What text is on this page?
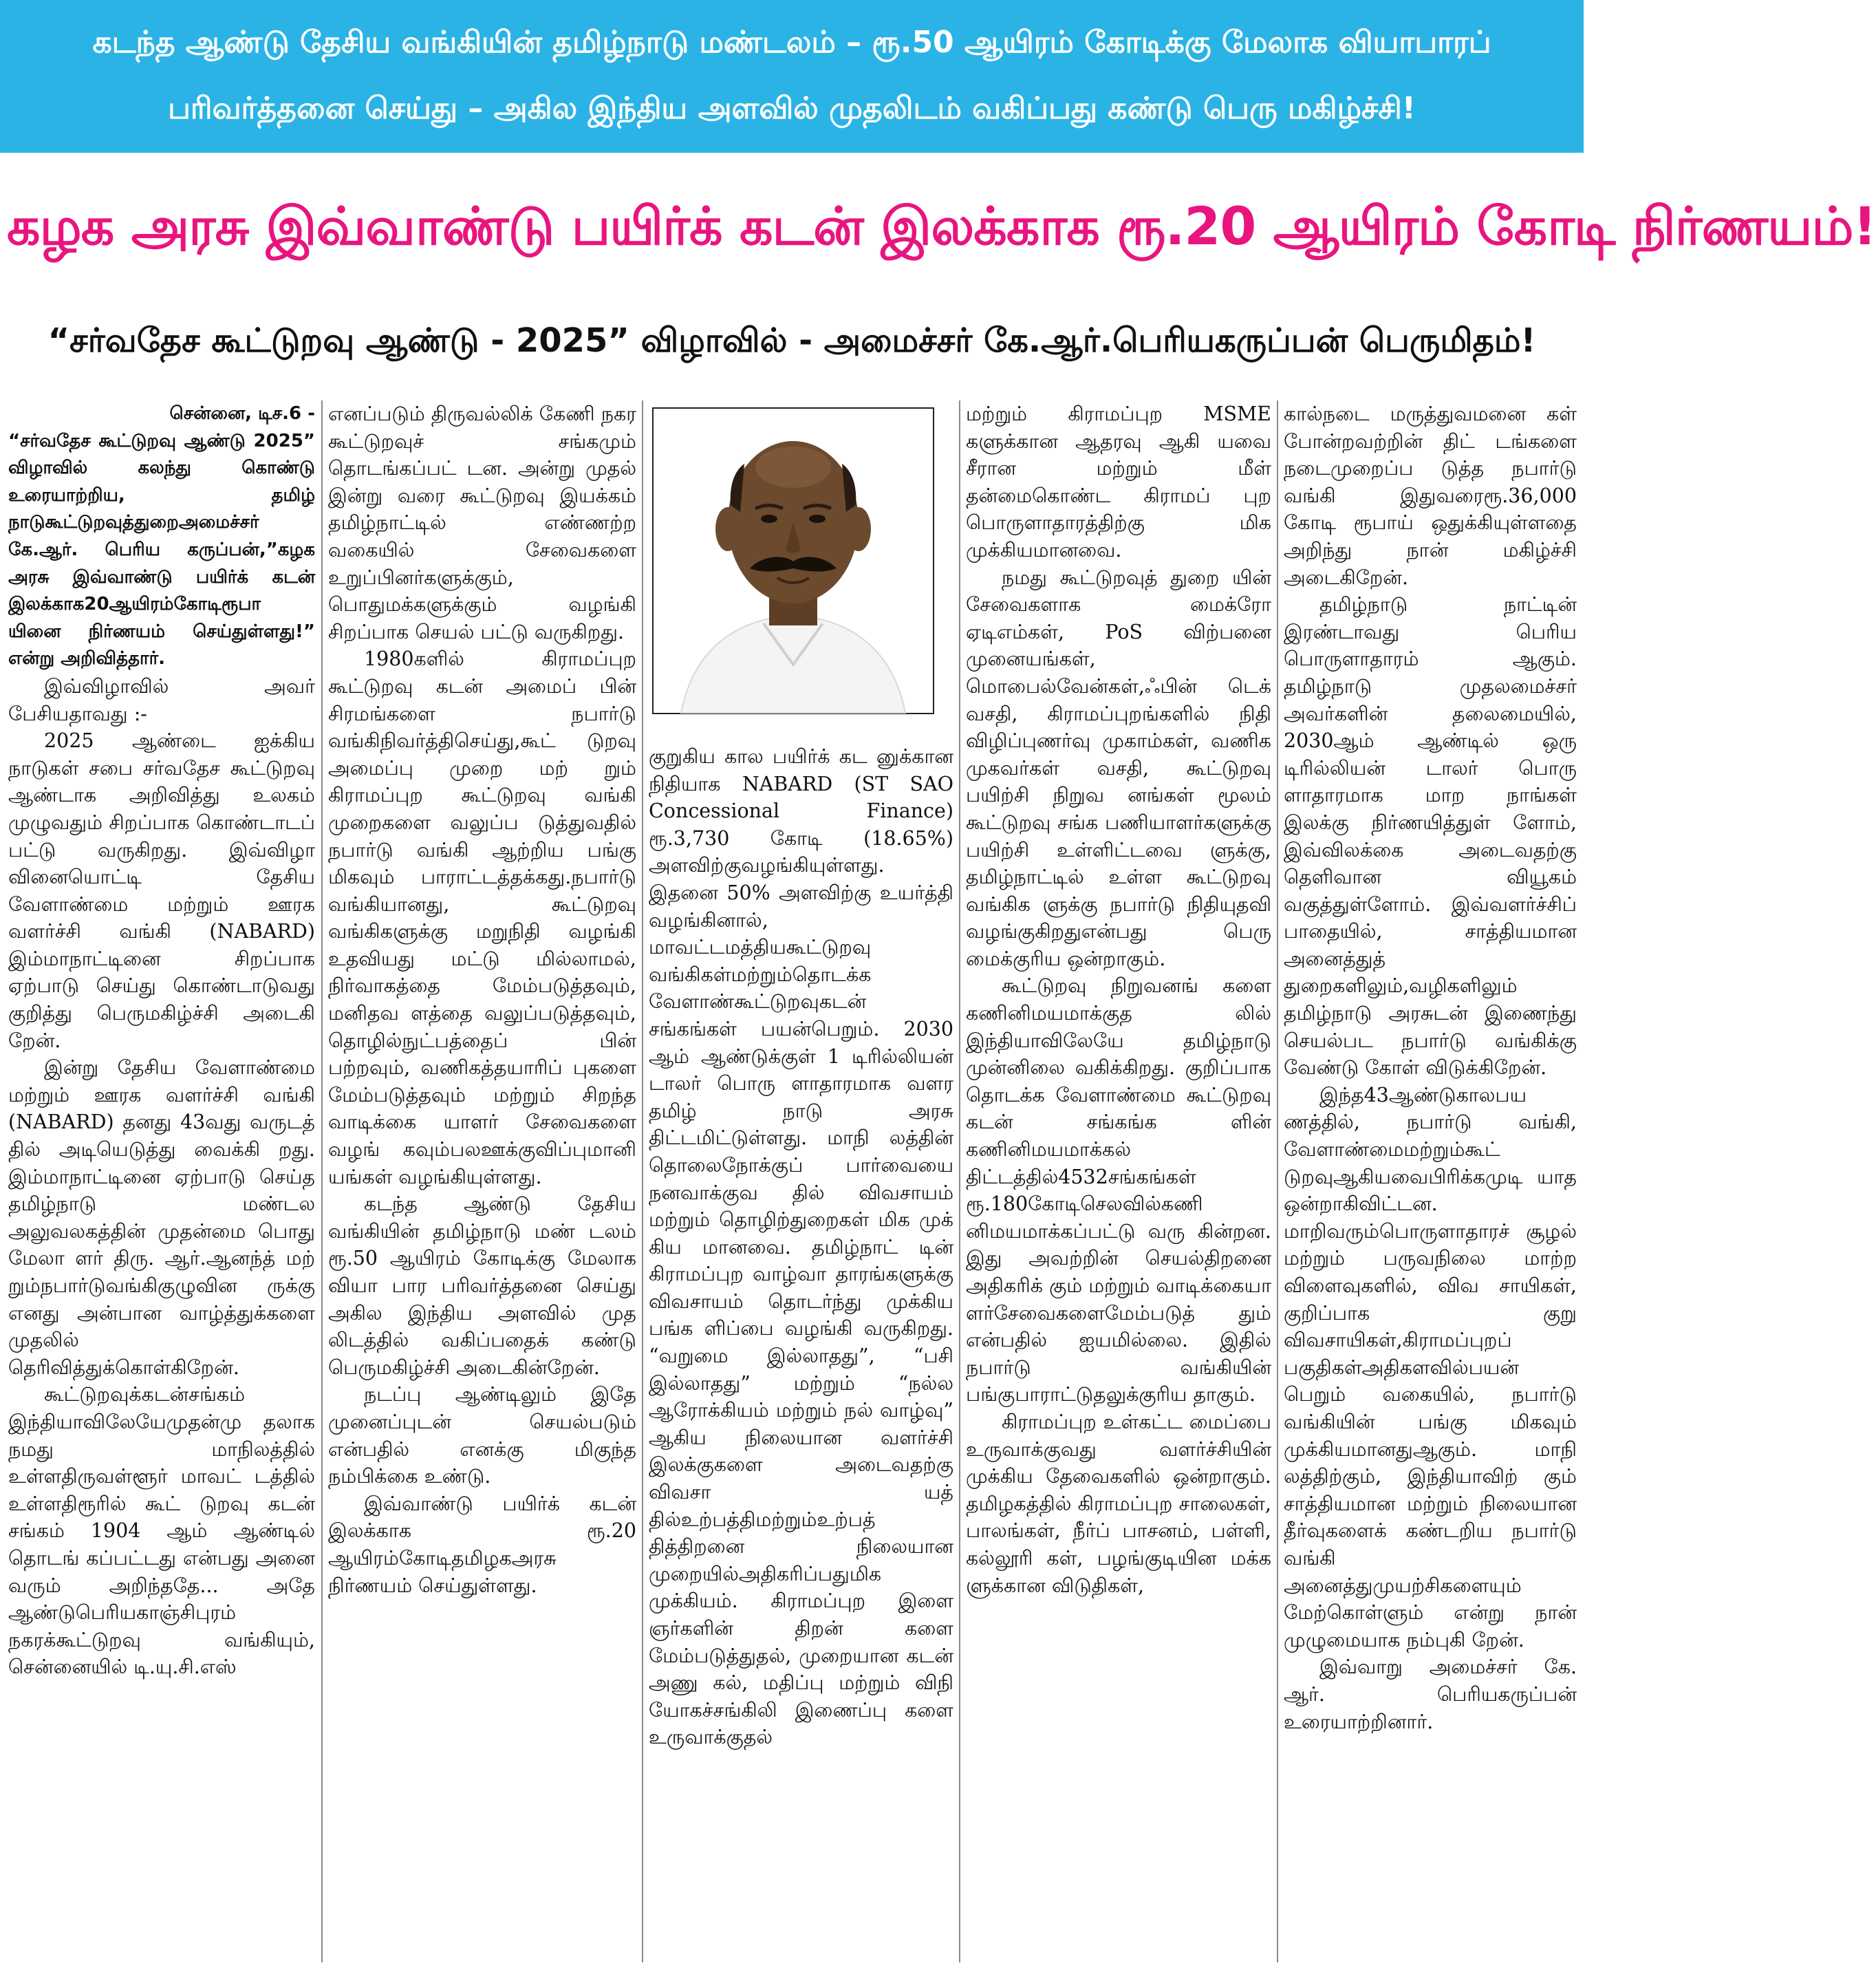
கடந்த ஆண்டு தேசிய வங்கியின் தமிழ்நாடு மண்டலம் – ரூ.50 ஆயிரம் கோடிக்கு மேலாக வியாபாரப்
பரிவர்த்தனை செய்து – அகில இந்திய அளவில் முதலிடம் வகிப்பது கண்டு பெரு மகிழ்ச்சி!
கழக அரசு இவ்வாண்டு பயிர்க் கடன் இலக்காக ரூ.20 ஆயிரம் கோடி நிர்ணயம்!
“சர்வதேச கூட்டுறவு ஆண்டு - 2025” விழாவில் - அமைச்சர் கே.ஆர்.பெரியகருப்பன் பெருமிதம்!
சென்னை, டிச.6 -

“சர்வதேச கூட்டுறவு ஆண்டு 2025” விழாவில் கலந்து கொண்டு உரையாற்றிய, தமிழ் நாடுகூட்டுறவுத்துறைஅமைச்சர் கே.ஆர். பெரிய கருப்பன்,”கழக அரசு இவ்வாண்டு பயிர்க் கடன் இலக்காக20ஆயிரம்கோடிரூபா யினை நிர்ணயம் செய்துள்ளது!” என்று அறிவித்தார்.

இவ்விழாவில் அவர் பேசியதாவது :-

2025 ஆண்டை ஐக்கிய நாடுகள் சபை சர்வதேச கூட்டுறவு ஆண்டாக அறிவித்து உலகம் முழுவதும் சிறப்பாக கொண்டாடப் பட்டு வருகிறது. இவ்விழா வினையொட்டி தேசிய வேளாண்மை மற்றும் ஊரக வளர்ச்சி வங்கி (NABARD) இம்மாநாட்டினை சிறப்பாக ஏற்பாடு செய்து கொண்டாடுவது குறித்து பெருமகிழ்ச்சி அடைகி றேன்.

இன்று தேசிய வேளாண்மை மற்றும் ஊரக வளர்ச்சி வங்கி (NABARD) தனது 43வது வருடத் தில் அடியெடுத்து வைக்கி றது. இம்மாநாட்டினை ஏற்பாடு செய்த தமிழ்நாடு மண்டல அலுவலகத்தின் முதன்மை பொது மேலா ளர் திரு. ஆர்.ஆனந்த் மற் றும்நபார்டுவங்கிகுழுவின ருக்கு எனது அன்பான வாழ்த்துக்களை முதலில் தெரிவித்துக்கொள்கிறேன்.

கூட்டுறவுக்கடன்சங்கம் இந்தியாவிலேயேமுதன்மு தலாக நமது மாநிலத்தில் உள்ளதிருவள்ளூர் மாவட் டத்தில் உள்ளதிரூரில் கூட் டுறவு கடன் சங்கம் 1904 ஆம் ஆண்டில் தொடங் கப்பட்டது என்பது அனை வரும் அறிந்ததே... அதே ஆண்டுபெரியகாஞ்சிபுரம் நகரக்கூட்டுறவு வங்கியும், சென்னையில் டி.யு.சி.எஸ்

எனப்படும் திருவல்லிக் கேணி நகர கூட்டுறவுச் சங்கமும் தொடங்கப்பட் டன. அன்று முதல் இன்று வரை கூட்டுறவு இயக்கம் தமிழ்நாட்டில் எண்ணற்ற வகையில் சேவைகளை உறுப்பினர்களுக்கும், பொதுமக்களுக்கும் வழங்கி சிறப்பாக செயல் பட்டு வருகிறது.

1980களில் கிராமப்புற கூட்டுறவு கடன் அமைப் பின் சிரமங்களை நபார்டு வங்கிநிவர்த்திசெய்து,கூட் டுறவு அமைப்பு முறை மற் றும் கிராமப்புற கூட்டுறவு வங்கி முறைகளை வலுப்ப டுத்துவதில் நபார்டு வங்கி ஆற்றிய பங்கு மிகவும் பாராட்டத்தக்கது.நபார்டு வங்கியானது, கூட்டுறவு வங்கிகளுக்கு மறுநிதி வழங்கி உதவியது மட்டு மில்லாமல், நிர்வாகத்தை மேம்படுத்தவும், மனிதவ ளத்தை வலுப்படுத்தவும், தொழில்நுட்பத்தைப் பின் பற்றவும், வணிகத்தயாரிப் புகளை மேம்படுத்தவும் மற்றும் சிறந்த வாடிக்கை யாளர் சேவைகளை வழங் கவும்பலஊக்குவிப்புமானி யங்கள் வழங்கியுள்ளது.

கடந்த ஆண்டு தேசிய வங்கியின் தமிழ்நாடு மண் டலம் ரூ.50 ஆயிரம் கோடிக்கு மேலாக வியா பார பரிவர்த்தனை செய்து அகில இந்திய அளவில் முத லிடத்தில் வகிப்பதைக் கண்டு பெருமகிழ்ச்சி அடைகின்றேன்.

நடப்பு ஆண்டிலும் இதே முனைப்புடன் செயல்படும் என்பதில் எனக்கு மிகுந்த நம்பிக்கை உண்டு.

இவ்வாண்டு பயிர்க் கடன் இலக்காக ரூ.20 ஆயிரம்கோடிதமிழகஅரசு நிர்ணயம் செய்துள்ளது.

குறுகிய கால பயிர்க் கட னுக்கான நிதியாக NABARD (ST SAO Concessional Finance) ரூ.3,730 கோடி (18.65%) அளவிற்குவழங்கியுள்ளது. இதனை 50% அளவிற்கு உயர்த்தி வழங்கினால், மாவட்டமத்தியகூட்டுறவு வங்கிகள்மற்றும்தொடக்க வேளாண்கூட்டுறவுகடன் சங்கங்கள் பயன்பெறும். 2030 ஆம் ஆண்டுக்குள் 1 டிரில்லியன் டாலர் பொரு ளாதாரமாக வளர தமிழ் நாடு அரசு திட்டமிட்டுள்ளது. மாநி லத்தின் தொலைநோக்குப் பார்வையை நனவாக்குவ தில் விவசாயம் மற்றும் தொழிற்துறைகள் மிக முக் கிய மானவை. தமிழ்நாட் டின் கிராமப்புற வாழ்வா தாரங்களுக்கு விவசாயம் தொடர்ந்து முக்கிய பங்க ளிப்பை வழங்கி வருகிறது. “வறுமை இல்லாதது”, “பசி இல்லாதது” மற்றும் “நல்ல ஆரோக்கியம் மற்றும் நல் வாழ்வு” ஆகிய நிலையான வளர்ச்சி இலக்குகளை அடைவதற்கு விவசா யத் தில்உற்பத்திமற்றும்உற்பத் தித்திறனை நிலையான முறையில்அதிகரிப்பதுமிக முக்கியம். கிராமப்புற இளை ஞர்களின் திறன் களை மேம்படுத்துதல், முறையான கடன் அணு கல், மதிப்பு மற்றும் விநி யோகச்சங்கிலி இணைப்பு களை உருவாக்குதல்

மற்றும் கிராமப்புற MSME களுக்கான ஆதரவு ஆகி யவை சீரான மற்றும் மீள் தன்மைகொண்ட கிராமப் புற பொருளாதாரத்திற்கு மிக முக்கியமானவை.

நமது கூட்டுறவுத் துறை யின் சேவைகளாக மைக்ரோ ஏடிஎம்கள், PoS விற்பனை முனையங்கள், மொபைல்வேன்கள்,ஃபின் டெக் வசதி, கிராமப்புறங்களில் நிதி விழிப்புணர்வு முகாம்கள், வணிக முகவர்கள் வசதி, கூட்டுறவு பயிற்சி நிறுவ னங்கள் மூலம் கூட்டுறவு சங்க பணியாளர்களுக்கு பயிற்சி உள்ளிட்டவை ளுக்கு, தமிழ்நாட்டில் உள்ள கூட்டுறவு வங்கிக ளுக்கு நபார்டு நிதியுதவி வழங்குகிறதுஎன்பது பெரு மைக்குரிய ஒன்றாகும்.

கூட்டுறவு நிறுவனங் களை கணினிமயமாக்குத லில் இந்தியாவிலேயே தமிழ்நாடு முன்னிலை வகிக்கிறது. குறிப்பாக தொடக்க வேளாண்மை கூட்டுறவு கடன் சங்கங்க ளின் கணினிமயமாக்கல் திட்டத்தில்4532சங்கங்கள் ரூ.180கோடிசெலவில்கணி னிமயமாக்கப்பட்டு வரு கின்றன. இது அவற்றின் செயல்திறனை அதிகரிக் கும் மற்றும் வாடிக்கையா ளர்சேவைகளைமேம்படுத் தும் என்பதில் ஐயமில்லை. இதில் நபார்டு வங்கியின் பங்குபாராட்டுதலுக்குரிய தாகும்.

கிராமப்புற உள்கட்ட மைப்பை உருவாக்குவது வளர்ச்சியின் முக்கிய தேவைகளில் ஒன்றாகும். தமிழகத்தில் கிராமப்புற சாலைகள், பாலங்கள், நீர்ப் பாசனம், பள்ளி, கல்லூரி கள், பழங்குடியின மக்க ளுக்கான விடுதிகள்,

கால்நடை மருத்துவமனை கள் போன்றவற்றின் திட் டங்களை நடைமுறைப்ப டுத்த நபார்டு வங்கி இதுவரைரூ.36,000 கோடி ரூபாய் ஒதுக்கியுள்ளதை அறிந்து நான் மகிழ்ச்சி அடைகிறேன்.

தமிழ்நாடு நாட்டின் இரண்டாவது பெரிய பொருளாதாரம் ஆகும். தமிழ்நாடு முதலமைச்சர் அவர்களின் தலைமையில், 2030ஆம் ஆண்டில் ஒரு டிரில்லியன் டாலர் பொரு ளாதாரமாக மாற நாங்கள் இலக்கு நிர்ணயித்துள் ளோம், இவ்விலக்கை அடைவதற்கு தெளிவான வியூகம் வகுத்துள்ளோம். இவ்வளர்ச்சிப் பாதையில், சாத்தியமான அனைத்துத் துறைகளிலும்,வழிகளிலும் தமிழ்நாடு அரசுடன் இணைந்து செயல்பட நபார்டு வங்கிக்கு வேண்டு கோள் விடுக்கிறேன்.

இந்த43ஆண்டுகாலபய ணத்தில், நபார்டு வங்கி, வேளாண்மைமற்றும்கூட் டுறவுஆகியவைபிரிக்கமுடி யாத ஒன்றாகிவிட்டன. மாறிவரும்பொருளாதாரச் சூழல் மற்றும் பருவநிலை மாற்ற விளைவுகளில், விவ சாயிகள், குறிப்பாக குறு விவசாயிகள்,கிராமப்புறப் பகுதிகள்அதிகளவில்பயன் பெறும் வகையில், நபார்டு வங்கியின் பங்கு மிகவும் முக்கியமானதுஆகும். மாநி லத்திற்கும், இந்தியாவிற் கும் சாத்தியமான மற்றும் நிலையான தீர்வுகளைக் கண்டறிய நபார்டு வங்கி அனைத்துமுயற்சிகளையும் மேற்கொள்ளும் என்று நான் முழுமையாக நம்புகி றேன்.

இவ்வாறு அமைச்சர் கே. ஆர். பெரியகருப்பன் உரையாற்றினார்.
